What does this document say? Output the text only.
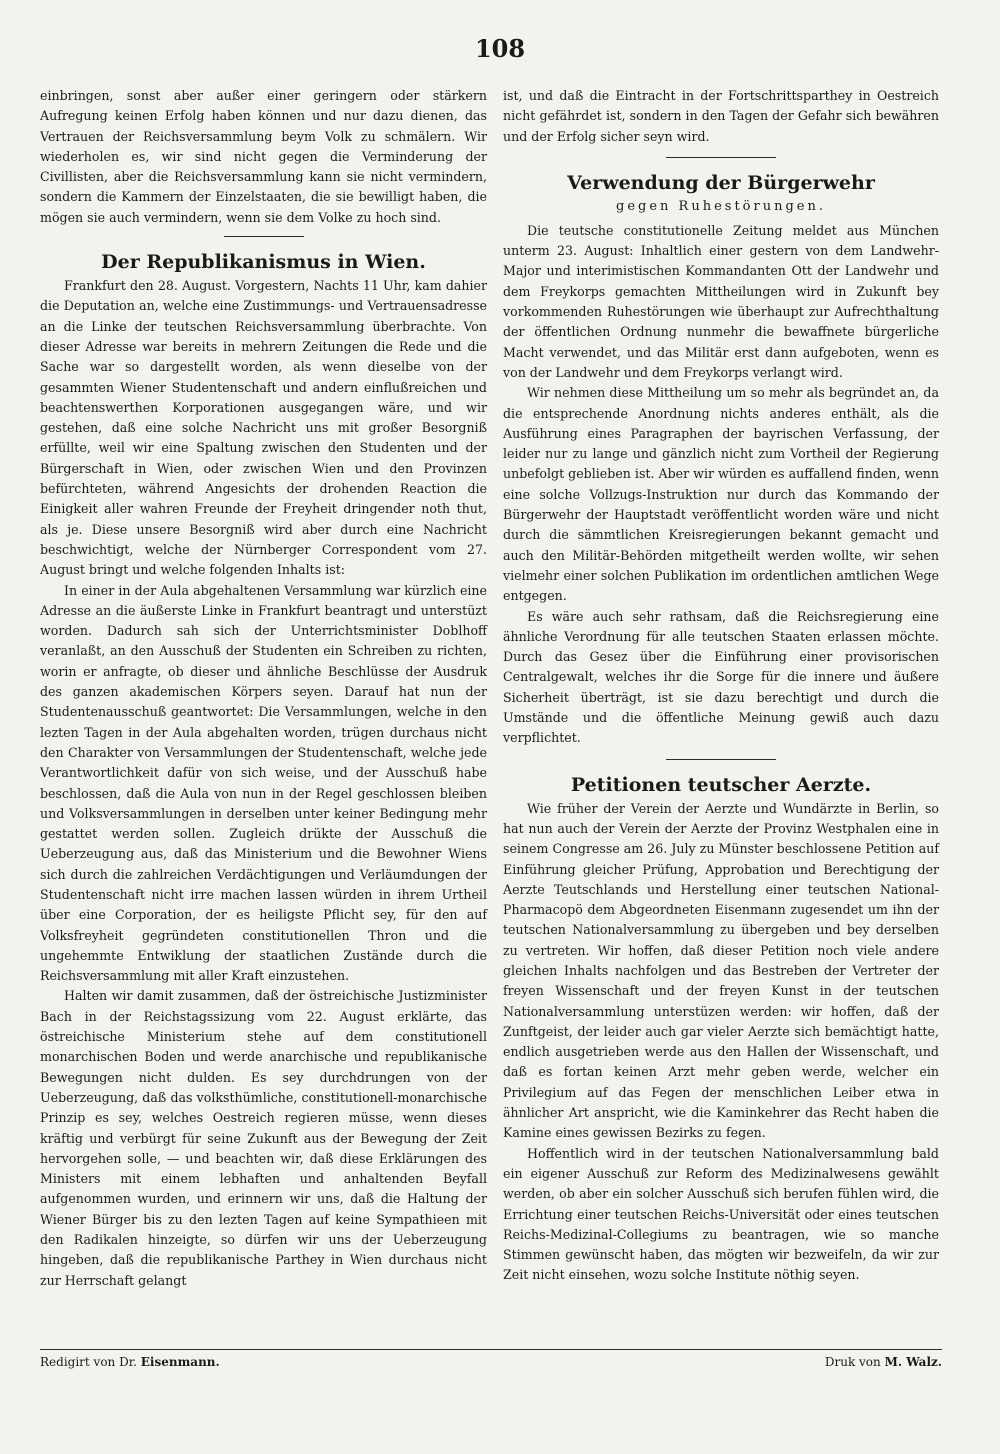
108

einbringen, sonst aber außer einer geringern oder stärkern Aufregung keinen Erfolg haben können und nur dazu dienen, das Vertrauen der Reichsversammlung beym Volk zu schmälern. Wir wiederholen es, wir sind nicht gegen die Verminderung der Civillisten, aber die Reichsversammlung kann sie nicht vermindern, sondern die Kammern der Einzelstaaten, die sie bewilligt haben, die mögen sie auch vermindern, wenn sie dem Volke zu hoch sind.

Der Republikanismus in Wien.

Frankfurt den 28. August. Vorgestern, Nachts 11 Uhr, kam dahier die Deputation an, welche eine Zustimmungs- und Vertrauensadresse an die Linke der teutschen Reichsversammlung überbrachte. Von dieser Adresse war bereits in mehrern Zeitungen die Rede und die Sache war so dargestellt worden, als wenn dieselbe von der gesammten Wiener Studentenschaft und andern einflußreichen und beachtenswerthen Korporationen ausgegangen wäre, und wir gestehen, daß eine solche Nachricht uns mit großer Besorgniß erfüllte, weil wir eine Spaltung zwischen den Studenten und der Bürgerschaft in Wien, oder zwischen Wien und den Provinzen befürchteten, während Angesichts der drohenden Reaction die Einigkeit aller wahren Freunde der Freyheit dringender noth thut, als je. Diese unsere Besorgniß wird aber durch eine Nachricht beschwichtigt, welche der Nürnberger Correspondent vom 27. August bringt und welche folgenden Inhalts ist:

In einer in der Aula abgehaltenen Versammlung war kürzlich eine Adresse an die äußerste Linke in Frankfurt beantragt und unterstüzt worden. Dadurch sah sich der Unterrichtsminister Doblhoff veranlaßt, an den Ausschuß der Studenten ein Schreiben zu richten, worin er anfragte, ob dieser und ähnliche Beschlüsse der Ausdruk des ganzen akademischen Körpers seyen. Darauf hat nun der Studentenausschuß geantwortet: Die Versammlungen, welche in den lezten Tagen in der Aula abgehalten worden, trügen durchaus nicht den Charakter von Versammlungen der Studentenschaft, welche jede Verantwortlichkeit dafür von sich weise, und der Ausschuß habe beschlossen, daß die Aula von nun in der Regel geschlossen bleiben und Volksversammlungen in derselben unter keiner Bedingung mehr gestattet werden sollen. Zugleich drükte der Ausschuß die Ueberzeugung aus, daß das Ministerium und die Bewohner Wiens sich durch die zahlreichen Verdächtigungen und Verläumdungen der Studentenschaft nicht irre machen lassen würden in ihrem Urtheil über eine Corporation, der es heiligste Pflicht sey, für den auf Volksfreyheit gegründeten constitutionellen Thron und die ungehemmte Entwiklung der staatlichen Zustände durch die Reichsversammlung mit aller Kraft einzustehen.

Halten wir damit zusammen, daß der östreichische Justizminister Bach in der Reichstagssizung vom 22. August erklärte, das östreichische Ministerium stehe auf dem constitutionell monarchischen Boden und werde anarchische und republikanische Bewegungen nicht dulden. Es sey durchdrungen von der Ueberzeugung, daß das volksthümliche, constitutionell-monarchische Prinzip es sey, welches Oestreich regieren müsse, wenn dieses kräftig und verbürgt für seine Zukunft aus der Bewegung der Zeit hervorgehen solle, — und beachten wir, daß diese Erklärungen des Ministers mit einem lebhaften und anhaltenden Beyfall aufgenommen wurden, und erinnern wir uns, daß die Haltung der Wiener Bürger bis zu den lezten Tagen auf keine Sympathieen mit den Radikalen hinzeigte, so dürfen wir uns der Ueberzeugung hingeben, daß die republikanische Parthey in Wien durchaus nicht zur Herrschaft gelangt

ist, und daß die Eintracht in der Fortschrittsparthey in Oestreich nicht gefährdet ist, sondern in den Tagen der Gefahr sich bewähren und der Erfolg sicher seyn wird.

Verwendung der Bürgerwehr

gegen Ruhestörungen.

Die teutsche constitutionelle Zeitung meldet aus München unterm 23. August: Inhaltlich einer gestern von dem Landwehr-Major und interimistischen Kommandanten Ott der Landwehr und dem Freykorps gemachten Mittheilungen wird in Zukunft bey vorkommenden Ruhestörungen wie überhaupt zur Aufrechthaltung der öffentlichen Ordnung nunmehr die bewaffnete bürgerliche Macht verwendet, und das Militär erst dann aufgeboten, wenn es von der Landwehr und dem Freykorps verlangt wird.

Wir nehmen diese Mittheilung um so mehr als begründet an, da die entsprechende Anordnung nichts anderes enthält, als die Ausführung eines Paragraphen der bayrischen Verfassung, der leider nur zu lange und gänzlich nicht zum Vortheil der Regierung unbefolgt geblieben ist. Aber wir würden es auffallend finden, wenn eine solche Vollzugs-Instruktion nur durch das Kommando der Bürgerwehr der Hauptstadt veröffentlicht worden wäre und nicht durch die sämmtlichen Kreisregierungen bekannt gemacht und auch den Militär-Behörden mitgetheilt werden wollte, wir sehen vielmehr einer solchen Publikation im ordentlichen amtlichen Wege entgegen.

Es wäre auch sehr rathsam, daß die Reichsregierung eine ähnliche Verordnung für alle teutschen Staaten erlassen möchte. Durch das Gesez über die Einführung einer provisorischen Centralgewalt, welches ihr die Sorge für die innere und äußere Sicherheit überträgt, ist sie dazu berechtigt und durch die Umstände und die öffentliche Meinung gewiß auch dazu verpflichtet.

Petitionen teutscher Aerzte.

Wie früher der Verein der Aerzte und Wundärzte in Berlin, so hat nun auch der Verein der Aerzte der Provinz Westphalen eine in seinem Congresse am 26. July zu Münster beschlossene Petition auf Einführung gleicher Prüfung, Approbation und Berechtigung der Aerzte Teutschlands und Herstellung einer teutschen National-Pharmacopö dem Abgeordneten Eisenmann zugesendet um ihn der teutschen Nationalversammlung zu übergeben und bey derselben zu vertreten. Wir hoffen, daß dieser Petition noch viele andere gleichen Inhalts nachfolgen und das Bestreben der Vertreter der freyen Wissenschaft und der freyen Kunst in der teutschen Nationalversammlung unterstüzen werden: wir hoffen, daß der Zunftgeist, der leider auch gar vieler Aerzte sich bemächtigt hatte, endlich ausgetrieben werde aus den Hallen der Wissenschaft, und daß es fortan keinen Arzt mehr geben werde, welcher ein Privilegium auf das Fegen der menschlichen Leiber etwa in ähnlicher Art anspricht, wie die Kaminkehrer das Recht haben die Kamine eines gewissen Bezirks zu fegen.

Hoffentlich wird in der teutschen Nationalversammlung bald ein eigener Ausschuß zur Reform des Medizinalwesens gewählt werden, ob aber ein solcher Ausschuß sich berufen fühlen wird, die Errichtung einer teutschen Reichs-Universität oder eines teutschen Reichs-Medizinal-Collegiums zu beantragen, wie so manche Stimmen gewünscht haben, das mögten wir bezweifeln, da wir zur Zeit nicht einsehen, wozu solche Institute nöthig seyen.

Redigirt von Dr. Eisenmann.	Druk von M. Walz.
